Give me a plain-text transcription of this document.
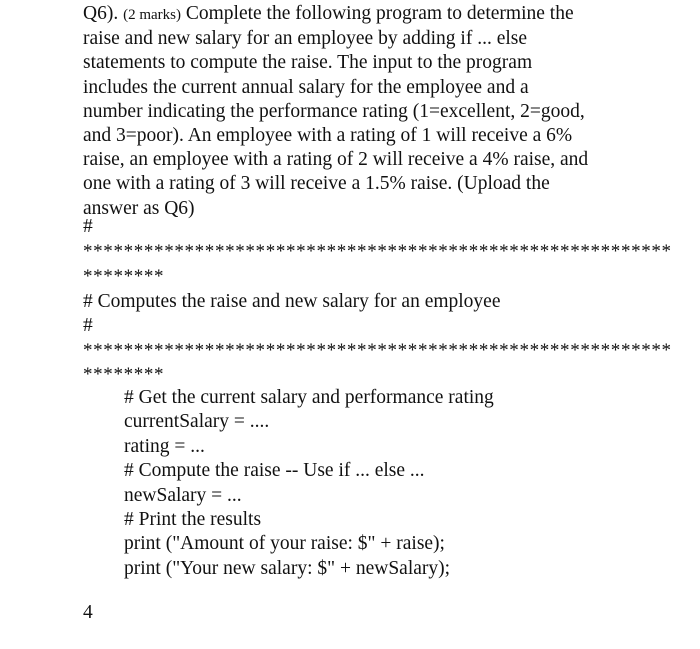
Q6). (2 marks) Complete the following program to determine the
raise and new salary for an employee by adding if ... else
statements to compute the raise. The input to the program
includes the current annual salary for the employee and a
number indicating the performance rating (1=excellent, 2=good,
and 3=poor). An employee with a rating of 1 will receive a 6%
raise, an employee with a rating of 2 will receive a 4% raise, and
one with a rating of 3 will receive a 1.5% raise. (Upload the
answer as Q6)

#
**********************************************************
********
# Computes the raise and new salary for an employee
#
**********************************************************
********
# Get the current salary and performance rating
currentSalary = ....
rating = ...
# Compute the raise -- Use if ... else ...
newSalary = ...
# Print the results
print ("Amount of your raise: $" + raise);
print ("Your new salary: $" + newSalary);
4
